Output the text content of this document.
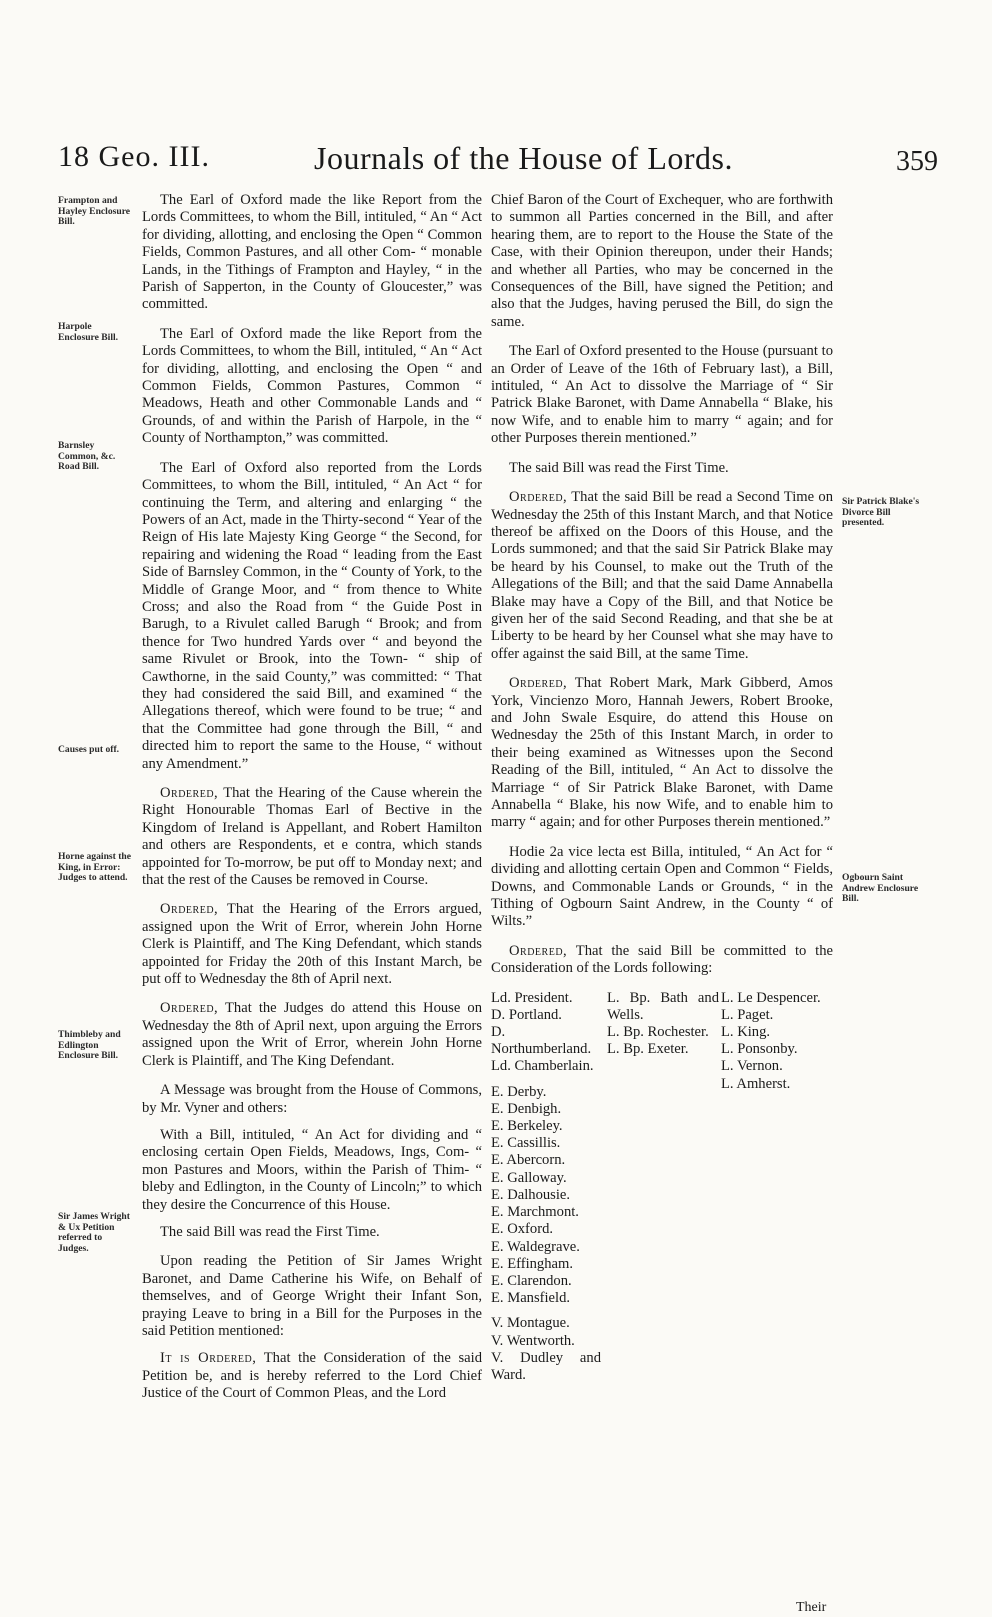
18 Geo. III.	Journals of the House of Lords.	359
Frampton and Hayley Enclosure Bill.
Harpole Enclosure Bill.
Barnsley Common, &c. Road Bill.
Causes put off.
Horne against the King, in Error: Judges to attend.
Thimbleby and Edlington Enclosure Bill.
Sir James Wright & Ux Petition referred to Judges.
Sir Patrick Blake's Divorce Bill presented.
Ogbourn Saint Andrew Enclosure Bill.

The Earl of Oxford made the like Report from the Lords Committees, to whom the Bill, intituled, “ An “ Act for dividing, allotting, and enclosing the Open “ Common Fields, Common Pastures, and all other Com- “ monable Lands, in the Tithings of Frampton and Hayley, “ in the Parish of Sapperton, in the County of Gloucester,” was committed.

The Earl of Oxford made the like Report from the Lords Committees, to whom the Bill, intituled, “ An “ Act for dividing, allotting, and enclosing the Open “ and Common Fields, Common Pastures, Common “ Meadows, Heath and other Commonable Lands and “ Grounds, of and within the Parish of Harpole, in the “ County of Northampton,” was committed.

The Earl of Oxford also reported from the Lords Committees, to whom the Bill, intituled, “ An Act “ for continuing the Term, and altering and enlarging “ the Powers of an Act, made in the Thirty-second “ Year of the Reign of His late Majesty King George “ the Second, for repairing and widening the Road “ leading from the East Side of Barnsley Common, in the “ County of York, to the Middle of Grange Moor, and “ from thence to White Cross; and also the Road from “ the Guide Post in Barugh, to a Rivulet called Barugh “ Brook; and from thence for Two hundred Yards over “ and beyond the same Rivulet or Brook, into the Town- “ ship of Cawthorne, in the said County,” was committed: “ That they had considered the said Bill, and examined “ the Allegations thereof, which were found to be true; “ and that the Committee had gone through the Bill, “ and directed him to report the same to the House, “ without any Amendment.”

Ordered, That the Hearing of the Cause wherein the Right Honourable Thomas Earl of Bective in the Kingdom of Ireland is Appellant, and Robert Hamilton and others are Respondents, et e contra, which stands appointed for To-morrow, be put off to Monday next; and that the rest of the Causes be removed in Course.

Ordered, That the Hearing of the Errors argued, assigned upon the Writ of Error, wherein John Horne Clerk is Plaintiff, and The King Defendant, which stands appointed for Friday the 20th of this Instant March, be put off to Wednesday the 8th of April next.

Ordered, That the Judges do attend this House on Wednesday the 8th of April next, upon arguing the Errors assigned upon the Writ of Error, wherein John Horne Clerk is Plaintiff, and The King Defendant.

A Message was brought from the House of Commons, by Mr. Vyner and others:

With a Bill, intituled, “ An Act for dividing and “ enclosing certain Open Fields, Meadows, Ings, Com- “ mon Pastures and Moors, within the Parish of Thim- “ bleby and Edlington, in the County of Lincoln;” to which they desire the Concurrence of this House.

The said Bill was read the First Time.

Upon reading the Petition of Sir James Wright Baronet, and Dame Catherine his Wife, on Behalf of themselves, and of George Wright their Infant Son, praying Leave to bring in a Bill for the Purposes in the said Petition mentioned:

It is Ordered, That the Consideration of the said Petition be, and is hereby referred to the Lord Chief Justice of the Court of Common Pleas, and the Lord

Chief Baron of the Court of Exchequer, who are forthwith to summon all Parties concerned in the Bill, and after hearing them, are to report to the House the State of the Case, with their Opinion thereupon, under their Hands; and whether all Parties, who may be concerned in the Consequences of the Bill, have signed the Petition; and also that the Judges, having perused the Bill, do sign the same.

The Earl of Oxford presented to the House (pursuant to an Order of Leave of the 16th of February last), a Bill, intituled, “ An Act to dissolve the Marriage of “ Sir Patrick Blake Baronet, with Dame Annabella “ Blake, his now Wife, and to enable him to marry “ again; and for other Purposes therein mentioned.”

The said Bill was read the First Time.

Ordered, That the said Bill be read a Second Time on Wednesday the 25th of this Instant March, and that Notice thereof be affixed on the Doors of this House, and the Lords summoned; and that the said Sir Patrick Blake may be heard by his Counsel, to make out the Truth of the Allegations of the Bill; and that the said Dame Annabella Blake may have a Copy of the Bill, and that Notice be given her of the said Second Reading, and that she be at Liberty to be heard by her Counsel what she may have to offer against the said Bill, at the same Time.

Ordered, That Robert Mark, Mark Gibberd, Amos York, Vincienzo Moro, Hannah Jewers, Robert Brooke, and John Swale Esquire, do attend this House on Wednesday the 25th of this Instant March, in order to their being examined as Witnesses upon the Second Reading of the Bill, intituled, “ An Act to dissolve the Marriage “ of Sir Patrick Blake Baronet, with Dame Annabella “ Blake, his now Wife, and to enable him to marry “ again; and for other Purposes therein mentioned.”

Hodie 2a vice lecta est Billa, intituled, “ An Act for “ dividing and allotting certain Open and Common “ Fields, Downs, and Commonable Lands or Grounds, “ in the Tithing of Ogbourn Saint Andrew, in the County “ of Wilts.”

Ordered, That the said Bill be committed to the Consideration of the Lords following:

Ld. President.
D. Portland.
D. Northumberland.
Ld. Chamberlain.
E. Derby.
E. Denbigh.
E. Berkeley.
E. Cassillis.
E. Abercorn.
E. Galloway.
E. Dalhousie.
E. Marchmont.
E. Oxford.
E. Waldegrave.
E. Effingham.
E. Clarendon.
E. Mansfield.
V. Montague.
V. Wentworth.
V. Dudley and Ward.
L. Bp. Bath and Wells.
L. Bp. Rochester.
L. Bp. Exeter.
L. Le Despencer.
L. Paget.
L. King.
L. Ponsonby.
L. Vernon.
L. Amherst.
Their
